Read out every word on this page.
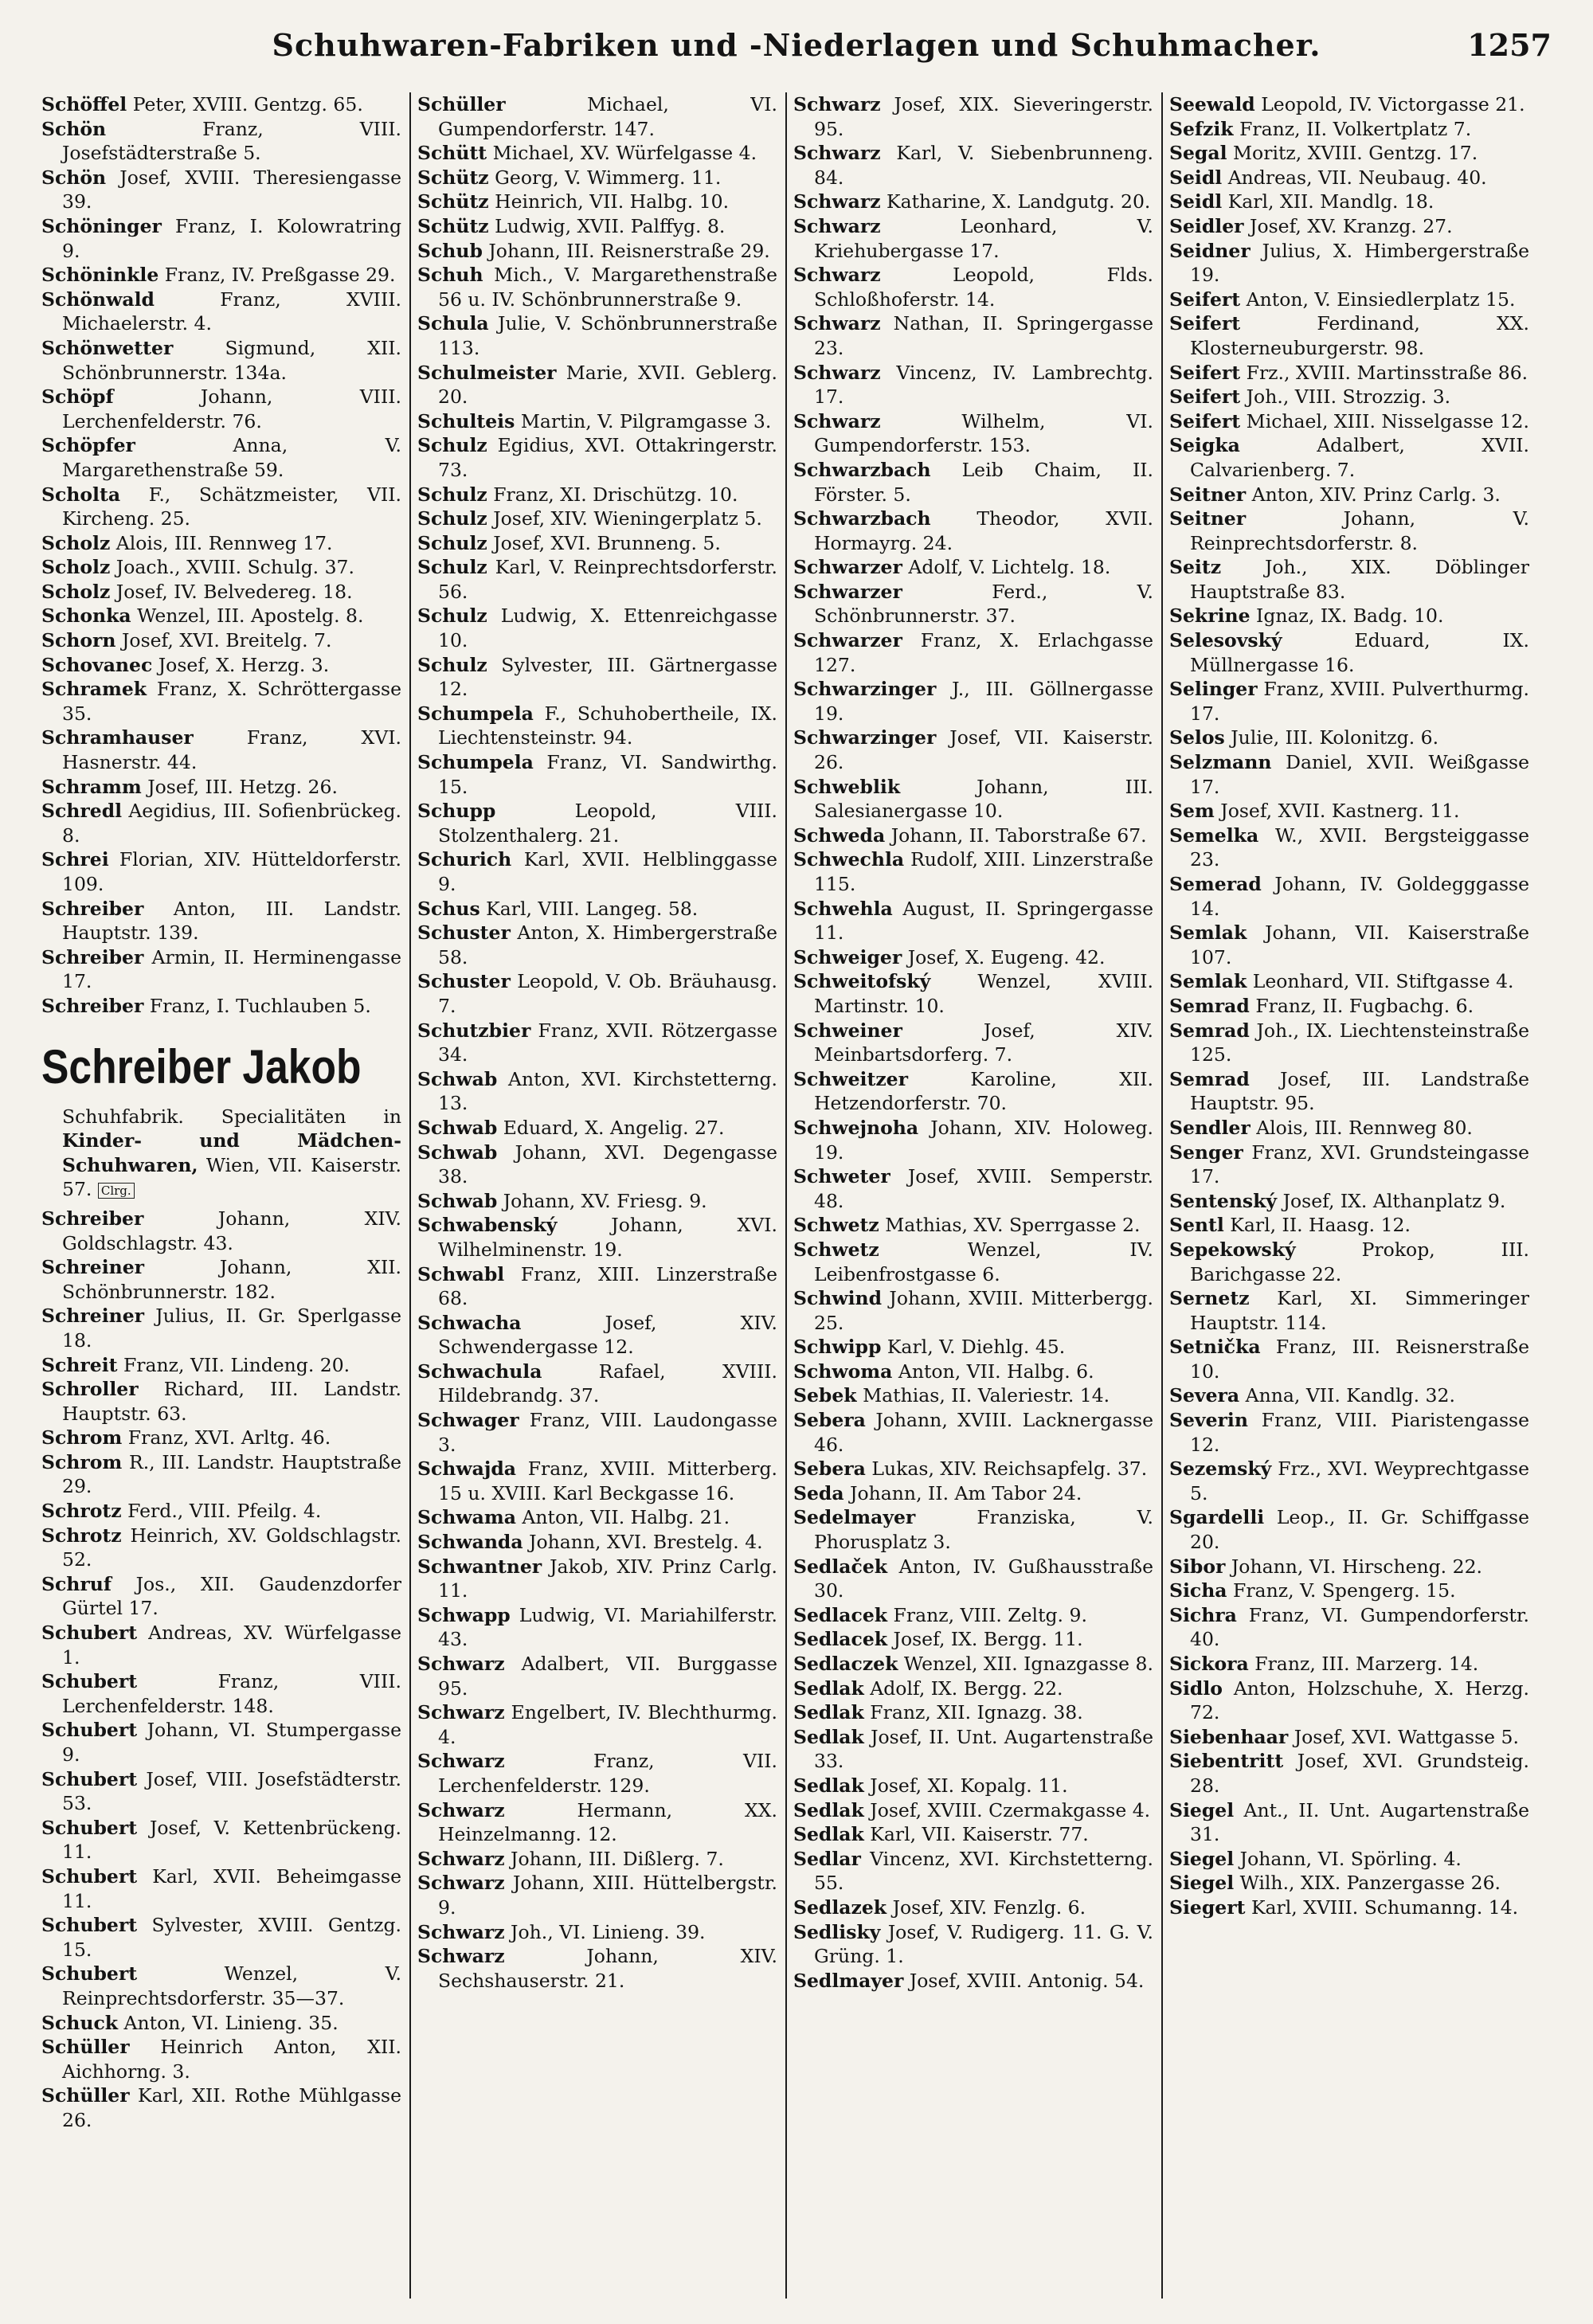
Schuhwaren-Fabriken und -Niederlagen und Schuhmacher.	1257

Schöffel Peter, XVIII. Gentzg. 65.

Schön	Franz, VIII. Josefstädterstraße 5.

Schön Josef, XVIII. Theresiengasse 39.

Schöninger Franz, I. Kolowratring 9.

Schöninkle Franz, IV. Preßgasse 29.

Schönwald	Franz, XVIII. Michaelerstr. 4.

Schönwetter	Sigmund, XII. Schönbrunnerstr. 134a.

Schöpf	Johann, VIII. Lerchenfelderstr. 76.

Schöpfer	Anna, V. Margarethenstraße 59.

Scholta F., Schätzmeister, VII. Kircheng. 25.

Scholz Alois, III. Rennweg 17.

Scholz Joach., XVIII. Schulg. 37.

Scholz Josef, IV. Belvedereg. 18.

Schonka Wenzel, III. Apostelg. 8.

Schorn Josef, XVI. Breitelg. 7.

Schovanec Josef, X. Herzg. 3.

Schramek Franz, X. Schröttergasse 35.

Schramhauser	Franz, XVI. Hasnerstr. 44.

Schramm Josef, III. Hetzg. 26.

Schredl Aegidius, III. Sofienbrückeg. 8.

Schrei Florian, XIV. Hütteldorferstr. 109.

Schreiber Anton, III. Landstr. Hauptstr. 139.

Schreiber Armin, II. Herminengasse 17.

Schreiber Franz, I. Tuchlauben 5.

Schreiber Jakob
Schuhfabrik. Specialitäten in Kinder- und Mädchen-Schuhwaren, Wien, VII. Kaiserstr. 57. Clrg.

Schreiber	Johann, XIV. Goldschlagstr. 43.

Schreiner	Johann, XII. Schönbrunnerstr. 182.

Schreiner Julius, II. Gr. Sperlgasse 18.

Schreit Franz, VII. Lindeng. 20.

Schroller Richard, III. Landstr. Hauptstr. 63.

Schrom Franz, XVI. Arltg. 46.

Schrom R., III. Landstr. Hauptstraße 29.

Schrotz Ferd., VIII. Pfeilg. 4.

Schrotz Heinrich, XV. Goldschlagstr. 52.

Schruf Jos., XII. Gaudenzdorfer Gürtel 17.

Schubert Andreas, XV. Würfelgasse 1.

Schubert	Franz, VIII. Lerchenfelderstr. 148.

Schubert Johann, VI. Stumpergasse 9.

Schubert Josef, VIII. Josefstädterstr. 53.

Schubert Josef, V. Kettenbrückeng. 11.

Schubert Karl, XVII. Beheimgasse 11.

Schubert Sylvester, XVIII. Gentzg. 15.

Schubert	Wenzel, V. Reinprechtsdorferstr. 35—37.

Schuck Anton, VI. Linieng. 35.

Schüller Heinrich Anton, XII. Aichhorng. 3.

Schüller Karl, XII. Rothe Mühlgasse 26.

Schüller	Michael, VI. Gumpendorferstr. 147.

Schütt Michael, XV. Würfelgasse 4.

Schütz Georg, V. Wimmerg. 11.

Schütz Heinrich, VII. Halbg. 10.

Schütz Ludwig, XVII. Palffyg. 8.

Schub Johann, III. Reisnerstraße 29.

Schuh Mich., V. Margarethenstraße 56 u. IV. Schönbrunnerstraße 9.

Schula Julie, V. Schönbrunnerstraße 113.

Schulmeister Marie, XVII. Geblerg. 20.

Schulteis Martin, V. Pilgramgasse 3.

Schulz Egidius, XVI. Ottakringerstr. 73.

Schulz Franz, XI. Drischützg. 10.

Schulz Josef, XIV. Wieningerplatz 5.

Schulz Josef, XVI. Brunneng. 5.

Schulz Karl, V. Reinprechtsdorferstr. 56.

Schulz Ludwig, X. Ettenreichgasse 10.

Schulz Sylvester, III. Gärtnergasse 12.

Schumpela F., Schuhobertheile, IX. Liechtensteinstr. 94.

Schumpela Franz, VI. Sandwirthg. 15.

Schupp	Leopold, VIII. Stolzenthalerg. 21.

Schurich Karl, XVII. Helblinggasse 9.

Schus Karl, VIII. Langeg. 58.

Schuster Anton, X. Himbergerstraße 58.

Schuster Leopold, V. Ob. Bräuhausg. 7.

Schutzbier Franz, XVII. Rötzergasse 34.

Schwab Anton, XVI. Kirchstetterng. 13.

Schwab Eduard, X. Angelig. 27.

Schwab Johann, XVI. Degengasse 38.

Schwab Johann, XV. Friesg. 9.

Schwabenský	Johann, XVI. Wilhelminenstr. 19.

Schwabl Franz, XIII. Linzerstraße 68.

Schwacha	Josef, XIV. Schwendergasse 12.

Schwachula	Rafael, XVIII. Hildebrandg. 37.

Schwager Franz, VIII. Laudongasse 3.

Schwajda Franz, XVIII. Mitterberg. 15 u. XVIII. Karl Beckgasse 16.

Schwama Anton, VII. Halbg. 21.

Schwanda Johann, XVI. Brestelg. 4.

Schwantner Jakob, XIV. Prinz Carlg. 11.

Schwapp Ludwig, VI. Mariahilferstr. 43.

Schwarz Adalbert, VII. Burggasse 95.

Schwarz Engelbert, IV. Blechthurmg. 4.

Schwarz	Franz, VII. Lerchenfelderstr. 129.

Schwarz	Hermann, XX. Heinzelmanng. 12.

Schwarz Johann, III. Dißlerg. 7.

Schwarz Johann, XIII. Hüttelbergstr. 9.

Schwarz Joh., VI. Linieng. 39.

Schwarz	Johann, XIV. Sechshauserstr. 21.

Schwarz Josef, XIX. Sieveringerstr. 95.

Schwarz Karl, V. Siebenbrunneng. 84.

Schwarz Katharine, X. Landgutg. 20.

Schwarz	Leonhard, V. Kriehubergasse 17.

Schwarz	Leopold, Flds. Schloßhoferstr. 14.

Schwarz Nathan, II. Springergasse 23.

Schwarz Vincenz, IV. Lambrechtg. 17.

Schwarz	Wilhelm, VI. Gumpendorferstr. 153.

Schwarzbach Leib Chaim, II. Förster. 5.

Schwarzbach Theodor, XVII. Hormayrg. 24.

Schwarzer Adolf, V. Lichtelg. 18.

Schwarzer	Ferd., V. Schönbrunnerstr. 37.

Schwarzer Franz, X. Erlachgasse 127.

Schwarzinger J., III. Göllnergasse 19.

Schwarzinger Josef, VII. Kaiserstr. 26.

Schweblik	Johann, III. Salesianergasse 10.

Schweda Johann, II. Taborstraße 67.

Schwechla Rudolf, XIII. Linzerstraße 115.

Schwehla August, II. Springergasse 11.

Schweiger Josef, X. Eugeng. 42.

Schweitofský	Wenzel, XVIII. Martinstr. 10.

Schweiner	Josef, XIV. Meinbartsdorferg. 7.

Schweitzer	Karoline, XII. Hetzendorferstr. 70.

Schwejnoha Johann, XIV. Holoweg. 19.

Schweter Josef, XVIII. Semperstr. 48.

Schwetz Mathias, XV. Sperrgasse 2.

Schwetz	Wenzel, IV. Leibenfrostgasse 6.

Schwind Johann, XVIII. Mitterbergg. 25.

Schwipp Karl, V. Diehlg. 45.

Schwoma Anton, VII. Halbg. 6.

Sebek Mathias, II. Valeriestr. 14.

Sebera Johann, XVIII. Lacknergasse 46.

Sebera Lukas, XIV. Reichsapfelg. 37.

Seda Johann, II. Am Tabor 24.

Sedelmayer	Franziska, V. Phorusplatz 3.

Sedlaček Anton, IV. Gußhausstraße 30.

Sedlacek Franz, VIII. Zeltg. 9.

Sedlacek Josef, IX. Bergg. 11.

Sedlaczek Wenzel, XII. Ignazgasse 8.

Sedlak Adolf, IX. Bergg. 22.

Sedlak Franz, XII. Ignazg. 38.

Sedlak Josef, II. Unt. Augartenstraße 33.

Sedlak Josef, XI. Kopalg. 11.

Sedlak Josef, XVIII. Czermakgasse 4.

Sedlak Karl, VII. Kaiserstr. 77.

Sedlar Vincenz, XVI. Kirchstetterng. 55.

Sedlazek Josef, XIV. Fenzlg. 6.

Sedlisky Josef, V. Rudigerg. 11. G. V. Grüng. 1.

Sedlmayer Josef, XVIII. Antonig. 54.

Seewald Leopold, IV. Victorgasse 21.

Sefzik Franz, II. Volkertplatz 7.

Segal Moritz, XVIII. Gentzg. 17.

Seidl Andreas, VII. Neubaug. 40.

Seidl Karl, XII. Mandlg. 18.

Seidler Josef, XV. Kranzg. 27.

Seidner Julius, X. Himbergerstraße 19.

Seifert Anton, V. Einsiedlerplatz 15.

Seifert	Ferdinand, XX. Klosterneuburgerstr. 98.

Seifert Frz., XVIII. Martinsstraße 86.

Seifert Joh., VIII. Strozzig. 3.

Seifert Michael, XIII. Nisselgasse 12.

Seigka	Adalbert, XVII. Calvarienberg. 7.

Seitner Anton, XIV. Prinz Carlg. 3.

Seitner	Johann, V. Reinprechtsdorferstr. 8.

Seitz Joh., XIX. Döblinger Hauptstraße 83.

Sekrine Ignaz, IX. Badg. 10.

Selesovský	Eduard, IX. Müllnergasse 16.

Selinger Franz, XVIII. Pulverthurmg. 17.

Selos Julie, III. Kolonitzg. 6.

Selzmann Daniel, XVII. Weißgasse 17.

Sem Josef, XVII. Kastnerg. 11.

Semelka W., XVII. Bergsteiggasse 23.

Semerad Johann, IV. Goldegggasse 14.

Semlak Johann, VII. Kaiserstraße 107.

Semlak Leonhard, VII. Stiftgasse 4.

Semrad Franz, II. Fugbachg. 6.

Semrad Joh., IX. Liechtensteinstraße 125.

Semrad Josef, III. Landstraße Hauptstr. 95.

Sendler Alois, III. Rennweg 80.

Senger Franz, XVI. Grundsteingasse 17.

Sentenský Josef, IX. Althanplatz 9.

Sentl Karl, II. Haasg. 12.

Sepekowský	Prokop, III. Barichgasse 22.

Sernetz Karl, XI. Simmeringer Hauptstr. 114.

Setnička Franz, III. Reisnerstraße 10.

Severa Anna, VII. Kandlg. 32.

Severin Franz, VIII. Piaristengasse 12.

Sezemský Frz., XVI. Weyprechtgasse 5.

Sgardelli Leop., II. Gr. Schiffgasse 20.

Sibor Johann, VI. Hirscheng. 22.

Sicha Franz, V. Spengerg. 15.

Sichra Franz, VI. Gumpendorferstr. 40.

Sickora Franz, III. Marzerg. 14.

Sidlo Anton, Holzschuhe, X. Herzg. 72.

Siebenhaar Josef, XVI. Wattgasse 5.

Siebentritt Josef, XVI. Grundsteig. 28.

Siegel Ant., II. Unt. Augartenstraße 31.

Siegel Johann, VI. Spörling. 4.

Siegel Wilh., XIX. Panzergasse 26.

Siegert Karl, XVIII. Schumanng. 14.
